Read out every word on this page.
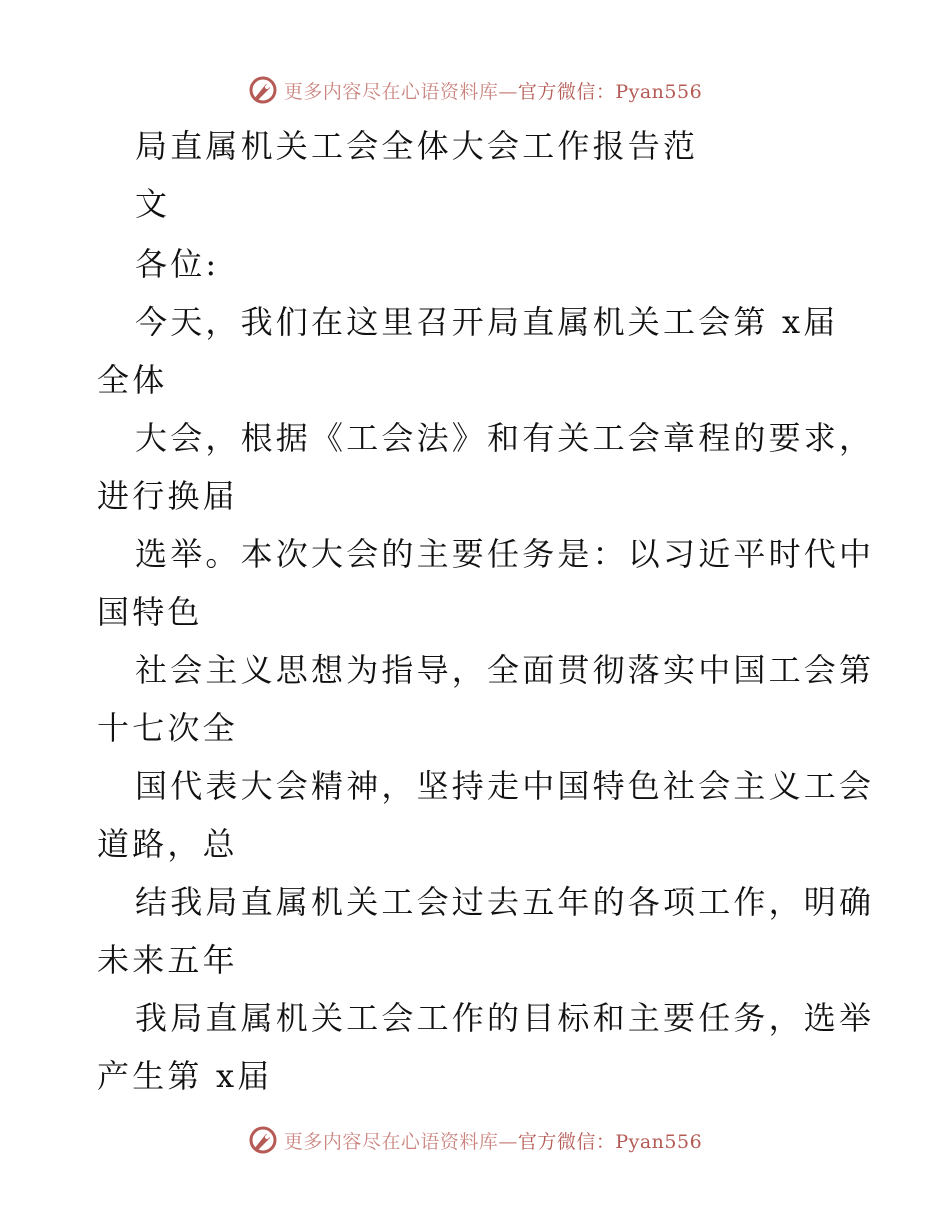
更多内容尽在心语资料库—官方微信：Pyan556
局直属机关工会全体大会工作报告范
文
各位:
今天，我们在这里召开局直属机关工会第 x届
全体
大会，根据《工会法》和有关工会章程的要求，
进行换届
选举。本次大会的主要任务是：以习近平时代中
国特色
社会主义思想为指导，全面贯彻落实中国工会第
十七次全
国代表大会精神，坚持走中国特色社会主义工会
道路，总
结我局直属机关工会过去五年的各项工作，明确
未来五年
我局直属机关工会工作的目标和主要任务，选举
产生第 x届
更多内容尽在心语资料库—官方微信：Pyan556
